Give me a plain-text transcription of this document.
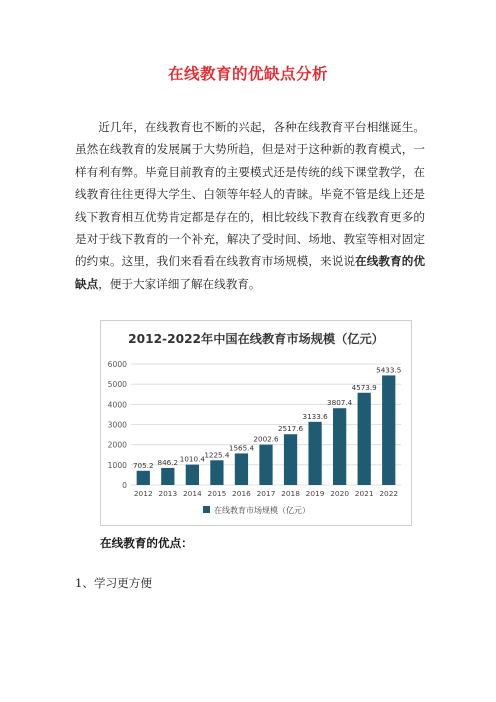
在线教育的优缺点分析
近几年，在线教育也不断的兴起，各种在线教育平台相继诞生。虽然在线教育的发展属于大势所趋，但是对于这种新的教育模式，一样有利有弊。毕竟目前教育的主要模式还是传统的线下课堂教学，在线教育往往更得大学生、白领等年轻人的青睐。毕竟不管是线上还是线下教育相互优势肯定都是存在的，相比较线下教育在线教育更多的是对于线下教育的一个补充，解决了受时间、场地、教室等相对固定的约束。这里，我们来看看在线教育市场规模，来说说在线教育的优缺点，便于大家详细了解在线教育。
2012-2022年中国在线教育市场规模（亿元）
0
1000
2000
3000
4000
5000
6000
705.2
2012
846.2
2013
1010.4
2014
1225.4
2015
1565.4
2016
2002.6
2017
2517.6
2018
3133.6
2019
3807.4
2020
4573.9
2021
5433.5
2022
在线教育市场规模（亿元）
在线教育的优点：
1、学习更方便
